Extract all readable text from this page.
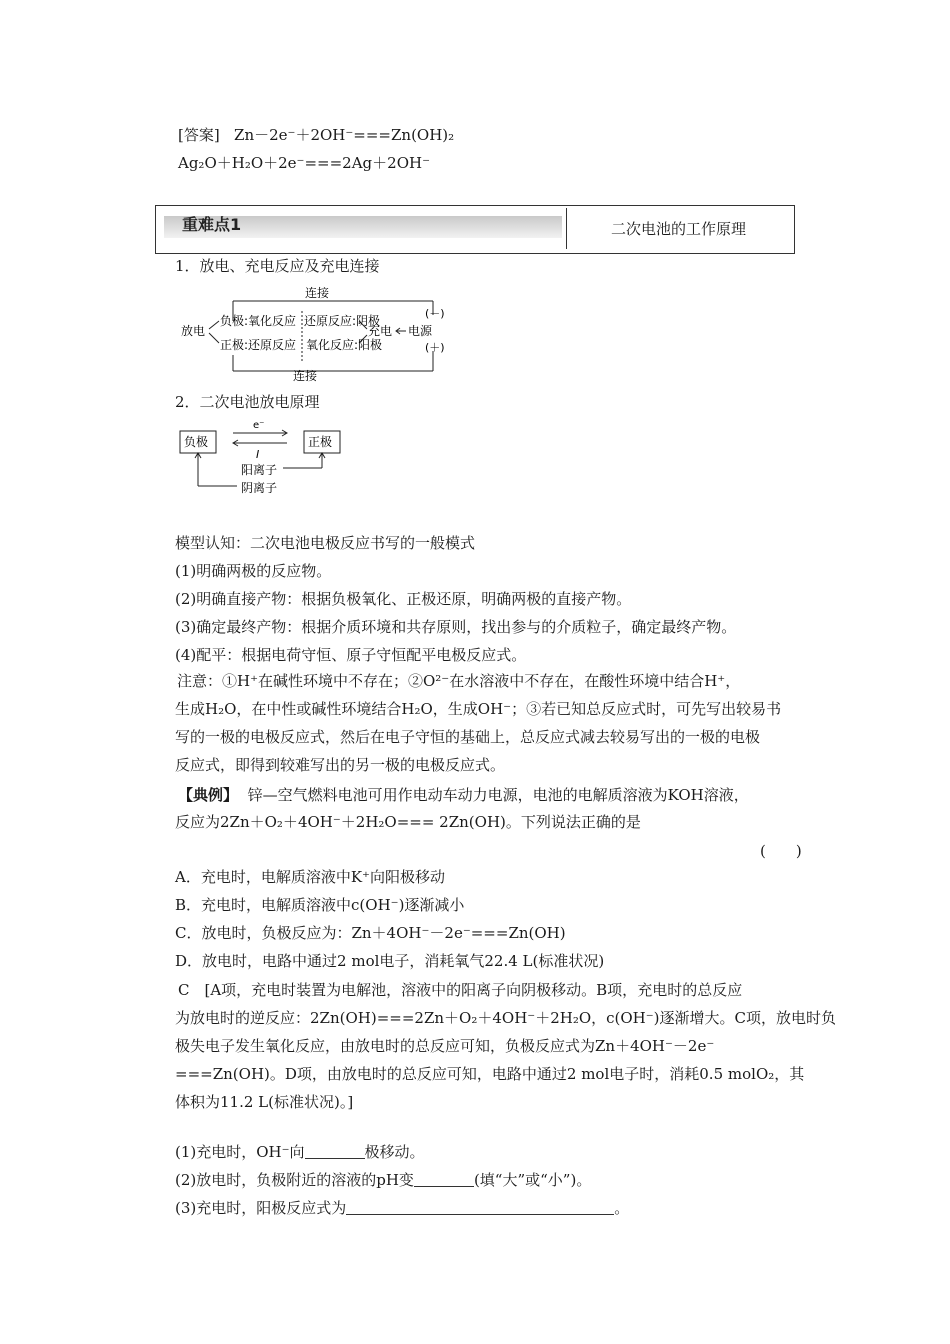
[答案] Zn－2e⁻＋2OH⁻===Zn(OH)₂
Ag₂O＋H₂O＋2e⁻===2Ag＋2OH⁻
重难点1	二次电池的工作原理
1．放电、充电反应及充电连接
连接
放电
负极:氧化反应
正极:还原反应
还原反应:阴极
氧化反应:阳极
充电 电源
(－)
(＋)
连接
2．二次电池放电原理
负极	正极
e⁻
I
阳离子
阴离子
模型认知：二次电池电极反应书写的一般模式
(1)明确两极的反应物。
(2)明确直接产物：根据负极氧化、正极还原，明确两极的直接产物。
(3)确定最终产物：根据介质环境和共存原则，找出参与的介质粒子，确定最终产物。
(4)配平：根据电荷守恒、原子守恒配平电极反应式。
注意：①H⁺在碱性环境中不存在；②O²⁻在水溶液中不存在，在酸性环境中结合H⁺，
生成H₂O，在中性或碱性环境结合H₂O，生成OH⁻；③若已知总反应式时，可先写出较易书
写的一极的电极反应式，然后在电子守恒的基础上，总反应式减去较易写出的一极的电极
反应式，即得到较难写出的另一极的电极反应式。
【典例】 锌—空气燃料电池可用作电动车动力电源，电池的电解质溶液为KOH溶液，
反应为2Zn＋O₂＋4OH⁻＋2H₂O=== 2Zn(OH)。下列说法正确的是
(　　)
A．充电时，电解质溶液中K⁺向阳极移动
B．充电时，电解质溶液中c(OH⁻)逐渐减小
C．放电时，负极反应为：Zn＋4OH⁻－2e⁻===Zn(OH)
D．放电时，电路中通过2 mol电子，消耗氧气22.4 L(标准状况)
C　[A项，充电时装置为电解池，溶液中的阳离子向阴极移动。B项，充电时的总反应
为放电时的逆反应：2Zn(OH)===2Zn＋O₂＋4OH⁻＋2H₂O，c(OH⁻)逐渐增大。C项，放电时负
极失电子发生氧化反应，由放电时的总反应可知，负极反应式为Zn＋4OH⁻－2e⁻
===Zn(OH)。D项，由放电时的总反应可知，电路中通过2 mol电子时，消耗0.5 molO₂，其
体积为11.2 L(标准状况)。]
(1)充电时，OH⁻向	极移动。
(2)放电时，负极附近的溶液的pH变	(填“大”或“小”)。
(3)充电时，阳极反应式为	。
